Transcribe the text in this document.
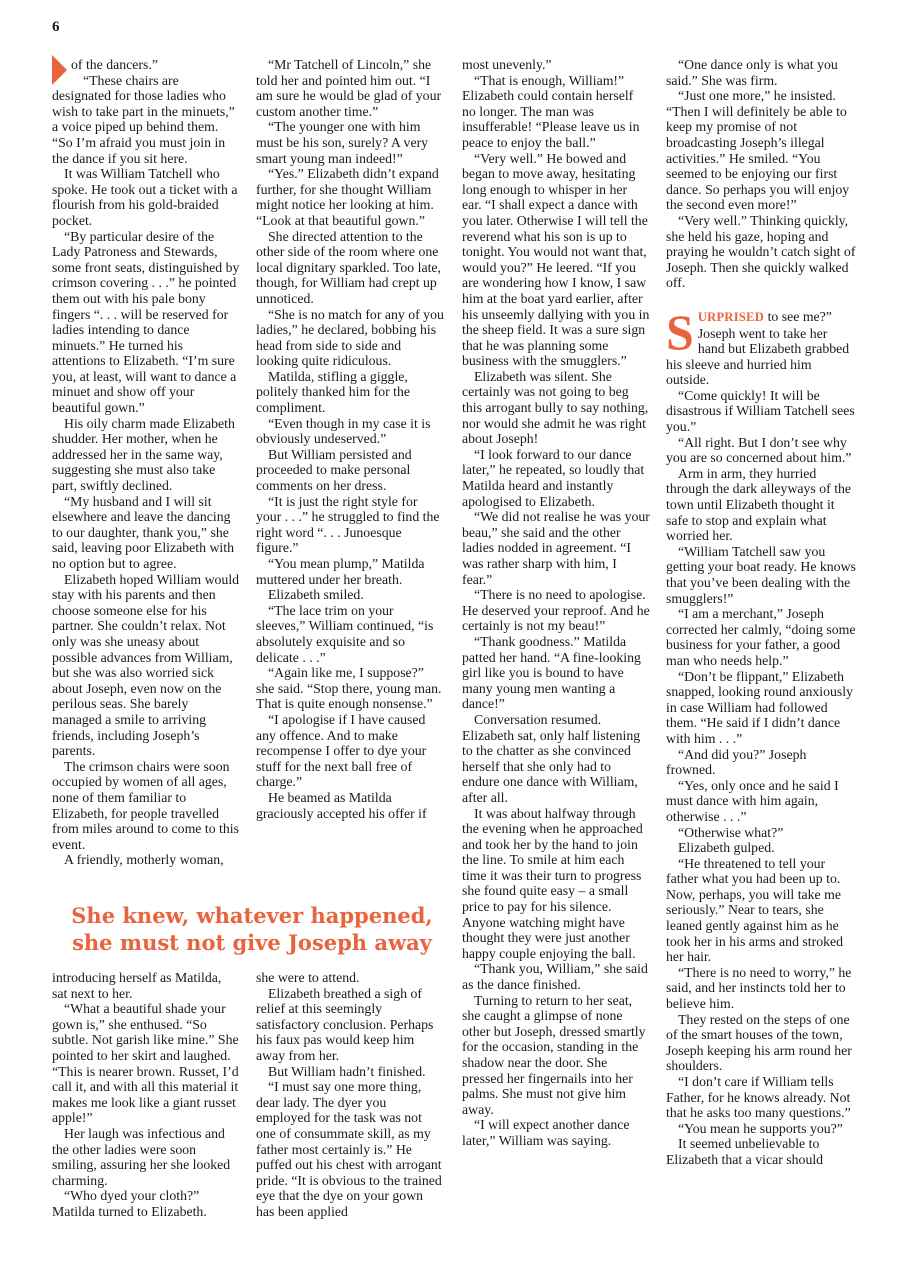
6

of the dancers.”

“These chairs are designated for those ladies who wish to take part in the minuets,” a voice piped up behind them. “So I’m afraid you must join in the dance if you sit here.

It was William Tatchell who spoke. He took out a ticket with a flourish from his gold-braided pocket.

“By particular desire of the Lady Patroness and Stewards, some front seats, distinguished by crimson covering . . .” he pointed them out with his pale bony fingers “. . . will be reserved for ladies intending to dance minuets.” He turned his attentions to Elizabeth. “I’m sure you, at least, will want to dance a minuet and show off your beautiful gown.”

His oily charm made Elizabeth shudder. Her mother, when he addressed her in the same way, suggesting she must also take part, swiftly declined.

“My husband and I will sit elsewhere and leave the dancing to our daughter, thank you,” she said, leaving poor Elizabeth with no option but to agree.

Elizabeth hoped William would stay with his parents and then choose someone else for his partner. She couldn’t relax. Not only was she uneasy about possible advances from William, but she was also worried sick about Joseph, even now on the perilous seas. She barely managed a smile to arriving friends, including Joseph’s parents.

The crimson chairs were soon occupied by women of all ages, none of them familiar to Elizabeth, for people travelled from miles around to come to this event.

A friendly, motherly woman,

“Mr Tatchell of Lincoln,” she told her and pointed him out. “I am sure he would be glad of your custom another time.”

“The younger one with him must be his son, surely? A very smart young man indeed!”

“Yes.” Elizabeth didn’t expand further, for she thought William might notice her looking at him. “Look at that beautiful gown.”

She directed attention to the other side of the room where one local dignitary sparkled. Too late, though, for William had crept up unnoticed.

“She is no match for any of you ladies,” he declared, bobbing his head from side to side and looking quite ridiculous.

Matilda, stifling a giggle, politely thanked him for the compliment.

“Even though in my case it is obviously undeserved.”

But William persisted and proceeded to make personal comments on her dress.

“It is just the right style for your . . .” he struggled to find the right word “. . . Junoesque figure.”

“You mean plump,” Matilda muttered under her breath.

Elizabeth smiled.

“The lace trim on your sleeves,” William continued, “is absolutely exquisite and so delicate . . .”

“Again like me, I suppose?” she said. “Stop there, young man. That is quite enough nonsense.”

“I apologise if I have caused any offence. And to make recompense I offer to dye your stuff for the next ball free of charge.”

He beamed as Matilda graciously accepted his offer if

She knew, whatever happened,
she must not give Joseph away

introducing herself as Matilda, sat next to her.

“What a beautiful shade your gown is,” she enthused. “So subtle. Not garish like mine.” She pointed to her skirt and laughed. “This is nearer brown. Russet, I’d call it, and with all this material it makes me look like a giant russet apple!”

Her laugh was infectious and the other ladies were soon smiling, assuring her she looked charming.

“Who dyed your cloth?” Matilda turned to Elizabeth.

she were to attend.

Elizabeth breathed a sigh of relief at this seemingly satisfactory conclusion. Perhaps his faux pas would keep him away from her.

But William hadn’t finished.

“I must say one more thing, dear lady. The dyer you employed for the task was not one of consummate skill, as my father most certainly is.” He puffed out his chest with arrogant pride. “It is obvious to the trained eye that the dye on your gown has been applied

most unevenly.”

“That is enough, William!” Elizabeth could contain herself no longer. The man was insufferable! “Please leave us in peace to enjoy the ball.”

“Very well.” He bowed and began to move away, hesitating long enough to whisper in her ear. “I shall expect a dance with you later. Otherwise I will tell the reverend what his son is up to tonight. You would not want that, would you?” He leered. “If you are wondering how I know, I saw him at the boat yard earlier, after his unseemly dallying with you in the sheep field. It was a sure sign that he was planning some business with the smugglers.”

Elizabeth was silent. She certainly was not going to beg this arrogant bully to say nothing, nor would she admit he was right about Joseph!

“I look forward to our dance later,” he repeated, so loudly that Matilda heard and instantly apologised to Elizabeth.

“We did not realise he was your beau,” she said and the other ladies nodded in agreement. “I was rather sharp with him, I fear.”

“There is no need to apologise. He deserved your reproof. And he certainly is not my beau!”

“Thank goodness.” Matilda patted her hand. “A fine-looking girl like you is bound to have many young men wanting a dance!”

Conversation resumed. Elizabeth sat, only half listening to the chatter as she convinced herself that she only had to endure one dance with William, after all.

It was about halfway through the evening when he approached and took her by the hand to join the line. To smile at him each time it was their turn to progress she found quite easy – a small price to pay for his silence. Anyone watching might have thought they were just another happy couple enjoying the ball.

“Thank you, William,” she said as the dance finished.

Turning to return to her seat, she caught a glimpse of none other but Joseph, dressed smartly for the occasion, standing in the shadow near the door. She pressed her fingernails into her palms. She must not give him away.

“I will expect another dance later,” William was saying.

“One dance only is what you said.” She was firm.

“Just one more,” he insisted. “Then I will definitely be able to keep my promise of not broadcasting Joseph’s illegal activities.” He smiled. “You seemed to be enjoying our first dance. So perhaps you will enjoy the second even more!”

“Very well.” Thinking quickly, she held his gaze, hoping and praying he wouldn’t catch sight of Joseph. Then she quickly walked off.

SURPRISED to see me?” Joseph went to take her hand but Elizabeth grabbed his sleeve and hurried him outside.

“Come quickly! It will be disastrous if William Tatchell sees you.”

“All right. But I don’t see why you are so concerned about him.”

Arm in arm, they hurried through the dark alleyways of the town until Elizabeth thought it safe to stop and explain what worried her.

“William Tatchell saw you getting your boat ready. He knows that you’ve been dealing with the smugglers!”

“I am a merchant,” Joseph corrected her calmly, “doing some business for your father, a good man who needs help.”

“Don’t be flippant,” Elizabeth snapped, looking round anxiously in case William had followed them. “He said if I didn’t dance with him . . .”

“And did you?” Joseph frowned.

“Yes, only once and he said I must dance with him again, otherwise . . .”

“Otherwise what?”

Elizabeth gulped.

“He threatened to tell your father what you had been up to. Now, perhaps, you will take me seriously.” Near to tears, she leaned gently against him as he took her in his arms and stroked her hair.

“There is no need to worry,” he said, and her instincts told her to believe him.

They rested on the steps of one of the smart houses of the town, Joseph keeping his arm round her shoulders.

“I don’t care if William tells Father, for he knows already. Not that he asks too many questions.”

“You mean he supports you?”

It seemed unbelievable to Elizabeth that a vicar should
